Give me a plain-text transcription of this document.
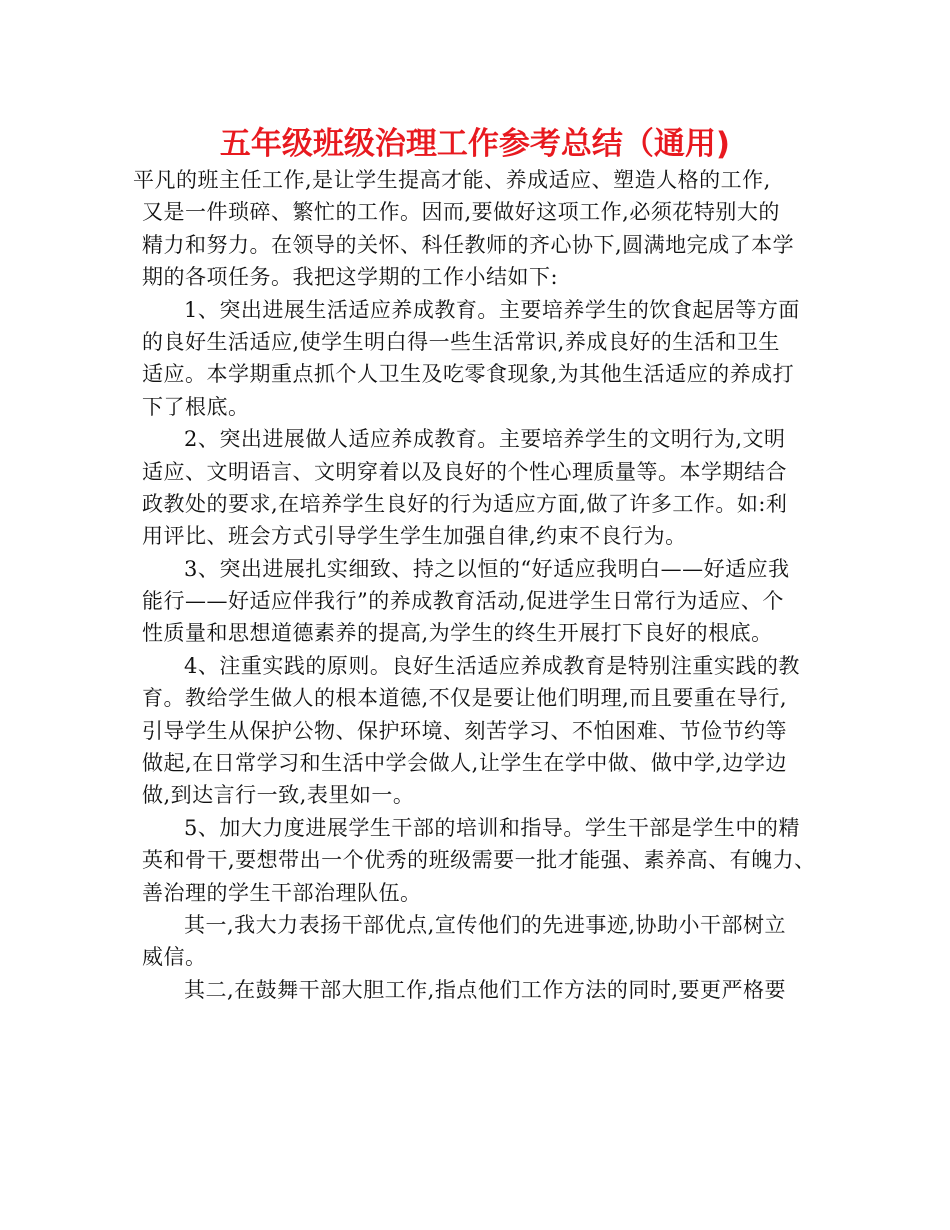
五年级班级治理工作参考总结（通用)
平凡的班主任工作,是让学生提高才能、养成适应、塑造人格的工作,
又是一件琐碎、繁忙的工作。因而,要做好这项工作,必须花特别大的
精力和努力。在领导的关怀、科任教师的齐心协下,圆满地完成了本学
期的各项任务。我把这学期的工作小结如下:
1、突出进展生活适应养成教育。主要培养学生的饮食起居等方面
的良好生活适应,使学生明白得一些生活常识,养成良好的生活和卫生
适应。本学期重点抓个人卫生及吃零食现象,为其他生活适应的养成打
下了根底。
2、突出进展做人适应养成教育。主要培养学生的文明行为,文明
适应、文明语言、文明穿着以及良好的个性心理质量等。本学期结合
政教处的要求,在培养学生良好的行为适应方面,做了许多工作。如:利
用评比、班会方式引导学生学生加强自律,约束不良行为。
3、突出进展扎实细致、持之以恒的“好适应我明白——好适应我
能行——好适应伴我行”的养成教育活动,促进学生日常行为适应、个
性质量和思想道德素养的提高,为学生的终生开展打下良好的根底。
4、注重实践的原则。良好生活适应养成教育是特别注重实践的教
育。教给学生做人的根本道德,不仅是要让他们明理,而且要重在导行,
引导学生从保护公物、保护环境、刻苦学习、不怕困难、节俭节约等
做起,在日常学习和生活中学会做人,让学生在学中做、做中学,边学边
做,到达言行一致,表里如一。
5、加大力度进展学生干部的培训和指导。学生干部是学生中的精
英和骨干,要想带出一个优秀的班级需要一批才能强、素养高、有魄力、
善治理的学生干部治理队伍。
其一,我大力表扬干部优点,宣传他们的先进事迹,协助小干部树立
威信。
其二,在鼓舞干部大胆工作,指点他们工作方法的同时,要更严格要
